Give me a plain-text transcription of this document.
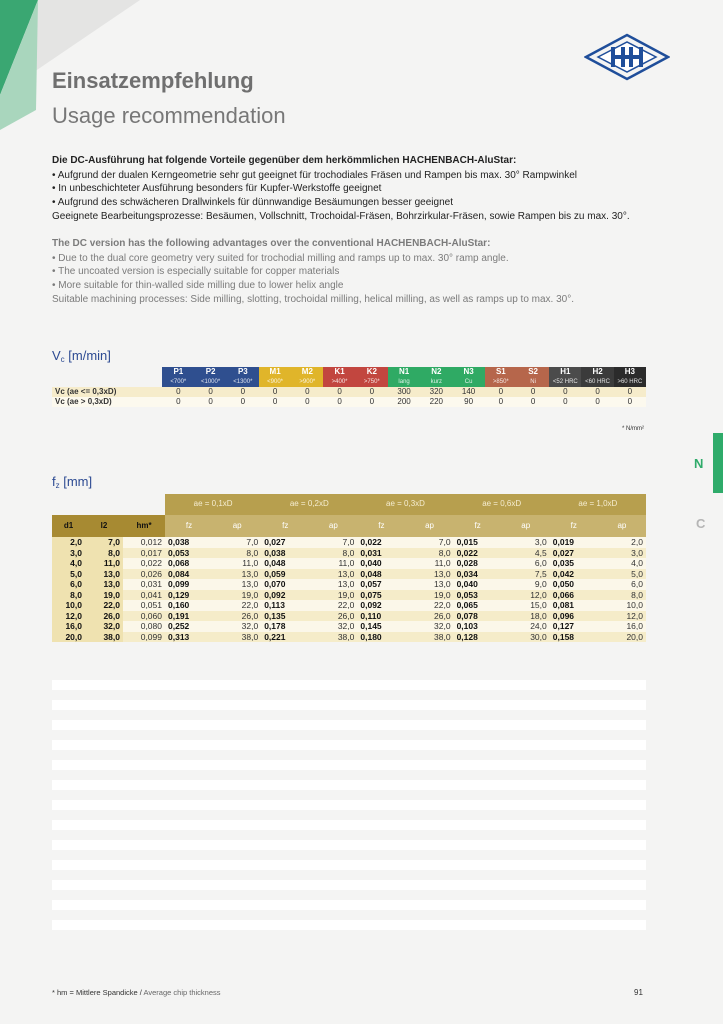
Einsatzempfehlung
Usage recommendation
Die DC-Ausführung hat folgende Vorteile gegenüber dem herkömmlichen HACHENBACH-AluStar:

• Aufgrund der dualen Kerngeometrie sehr gut geeignet für trochodiales Fräsen und Rampen bis max. 30° Rampwinkel

• In unbeschichteter Ausführung besonders für Kupfer-Werkstoffe geeignet

• Aufgrund des schwächeren Drallwinkels für dünnwandige Besäumungen besser geeignet

Geeignete Bearbeitungsprozesse: Besäumen, Vollschnitt, Trochoidal-Fräsen, Bohrzirkular-Fräsen, sowie Rampen bis zu max. 30°.

The DC version has the following advantages over the conventional HACHENBACH-AluStar:

• Due to the dual core geometry very suited for trochodial milling and ramps up to max. 30° ramp angle.

• The uncoated version is especially suitable for copper materials

• More suitable for thin-walled side milling due to lower helix angle

Suitable machining processes: Side milling, slotting, trochoidal milling, helical milling, as well as ramps up to max. 30°.

$V_c$ [m/min]
	P1	P2	P3	M1	M2	K1	K2	N1	N2	N3	S1	S2	H1	H2	H3
	<700*	<1000*	<1300*	<900*	>900*	>400*	>750*	lang	kurz	Cu	>850*	Ni	<52 HRC	<60 HRC	>60 HRC
Vc (ae <= 0,3xD)	0	0	0	0	0	0	0	300	320	140	0	0	0	0	0
Vc (ae > 0,3xD)	0	0	0	0	0	0	0	200	220	90	0	0	0	0	0
* N/mm²
$f_z$ [mm]
			ae = 0,1xD		ae = 0,2xD		ae = 0,3xD		ae = 0,6xD		ae = 1,0xD	
d1	l2	hm*	fz	ap	fz	ap	fz	ap	fz	ap	fz	ap
2,0	7,0	0,012	0,038	7,0	0,027	7,0	0,022	7,0	0,015	3,0	0,019	2,0
3,0	8,0	0,017	0,053	8,0	0,038	8,0	0,031	8,0	0,022	4,5	0,027	3,0
4,0	11,0	0,022	0,068	11,0	0,048	11,0	0,040	11,0	0,028	6,0	0,035	4,0
5,0	13,0	0,026	0,084	13,0	0,059	13,0	0,048	13,0	0,034	7,5	0,042	5,0
6,0	13,0	0,031	0,099	13,0	0,070	13,0	0,057	13,0	0,040	9,0	0,050	6,0
8,0	19,0	0,041	0,129	19,0	0,092	19,0	0,075	19,0	0,053	12,0	0,066	8,0
10,0	22,0	0,051	0,160	22,0	0,113	22,0	0,092	22,0	0,065	15,0	0,081	10,0
12,0	26,0	0,060	0,191	26,0	0,135	26,0	0,110	26,0	0,078	18,0	0,096	12,0
16,0	32,0	0,080	0,252	32,0	0,178	32,0	0,145	32,0	0,103	24,0	0,127	16,0
20,0	38,0	0,099	0,313	38,0	0,221	38,0	0,180	38,0	0,128	30,0	0,158	20,0
N
C
* hm = Mittlere Spandicke / Average chip thickness	91
